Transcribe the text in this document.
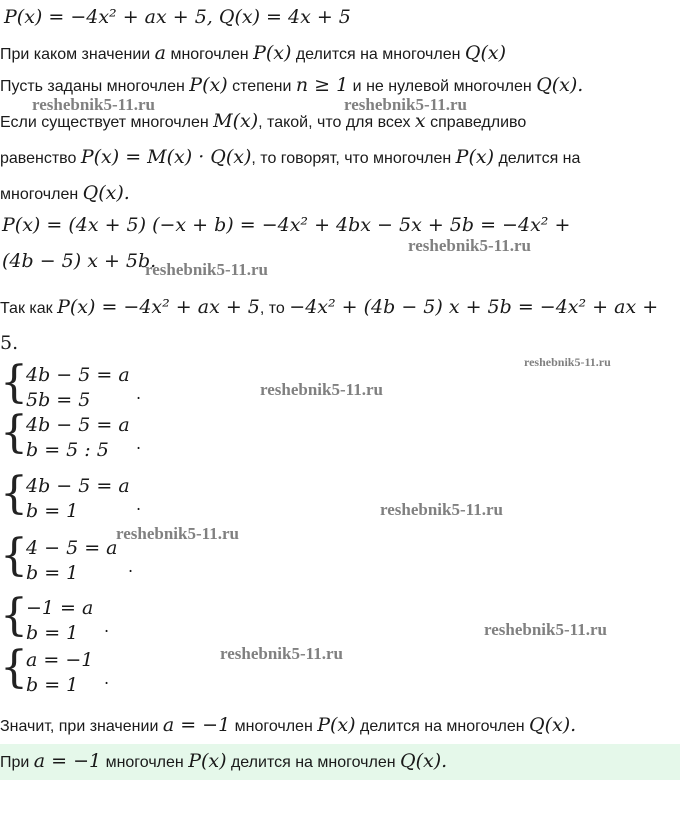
P(x) = −4x² + ax + 5, Q(x) = 4x + 5
При каком значении a многочлен P(x) делится на многочлен Q(x)
Пусть заданы многочлен P(x) степени n ≥ 1 и не нулевой многочлен Q(x).
Если существует многочлен M(x), такой, что для всех x справедливо
равенство P(x) = M(x) · Q(x), то говорят, что многочлен P(x) делится на
многочлен Q(x).
P(x) = (4x + 5) (−x + b) = −4x² + 4bx − 5x + 5b = −4x² +
(4b − 5) x + 5b.
Так как P(x) = −4x² + ax + 5, то −4x² + (4b − 5) x + 5b = −4x² + ax +
5.
{
4b − 5 = a
5b = 5	.
{
4b − 5 = a
b = 5 : 5 .
{
4b − 5 = a
b = 1	.
{
4 − 5 = a
b = 1	.
{
−1 = a
b = 1 .
{
a = −1
b = 1 .
Значит, при значении a = −1 многочлен P(x) делится на многочлен Q(x).
При a = −1 многочлен P(x) делится на многочлен Q(x).
reshebnik5-11.ru	reshebnik5-11.ru
reshebnik5-11.ru
reshebnik5-11.ru
reshebnik5-11.ru
reshebnik5-11.ru
reshebnik5-11.ru
reshebnik5-11.ru
reshebnik5-11.ru
reshebnik5-11.ru
